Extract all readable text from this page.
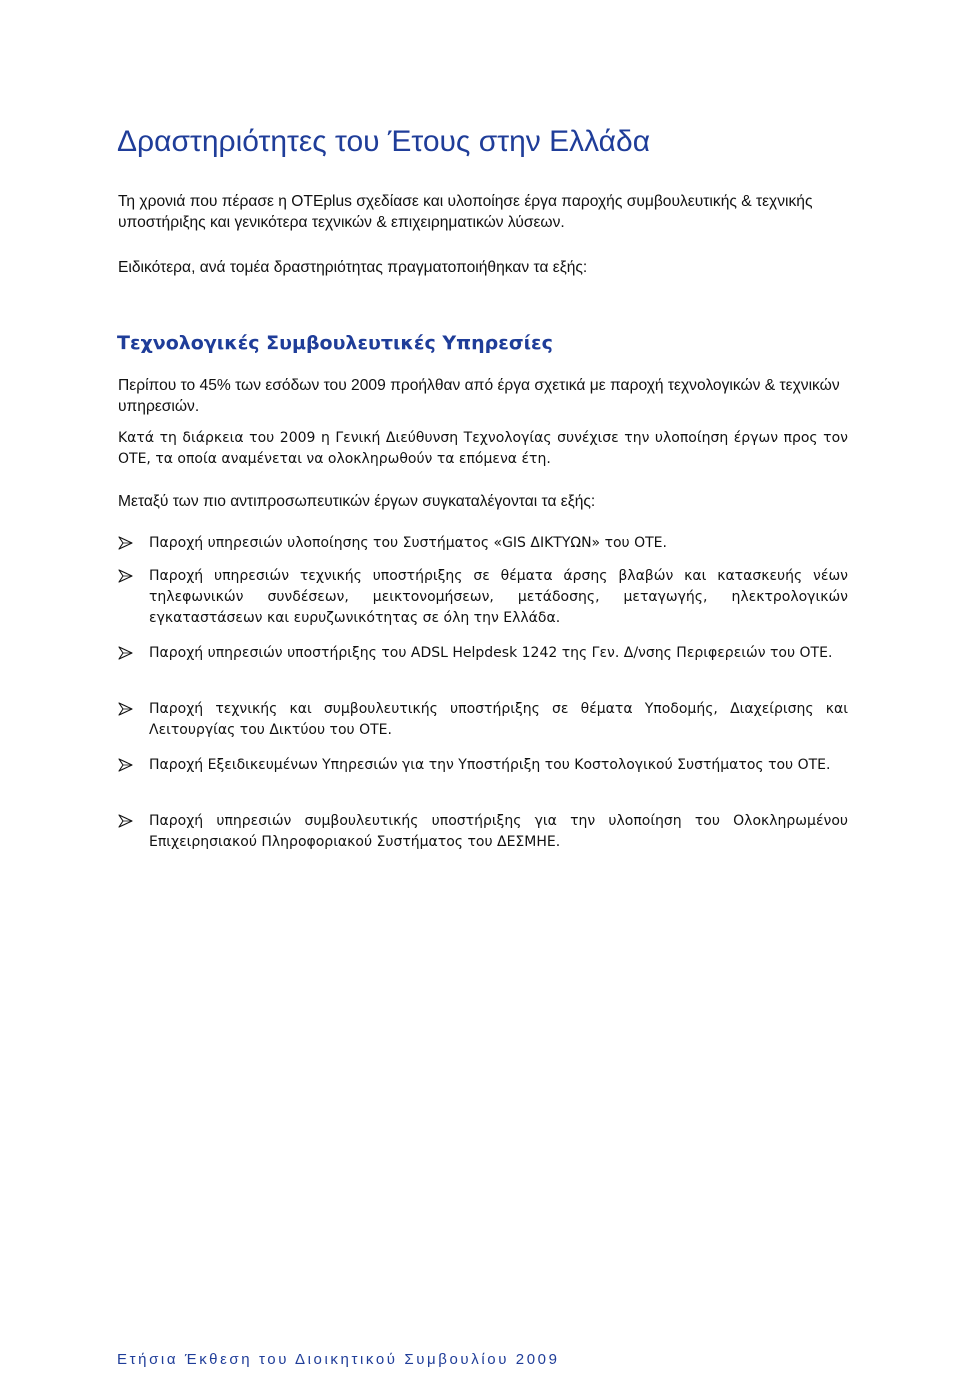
Δραστηριότητες του Έτους στην Ελλάδα

Τη χρονιά που πέρασε η OTEplus σχεδίασε και υλοποίησε έργα παροχής συμβουλευτικής & τεχνικής υποστήριξης και γενικότερα τεχνικών & επιχειρηματικών λύσεων.

Ειδικότερα, ανά τομέα δραστηριότητας πραγματοποιήθηκαν τα εξής:

Τεχνολογικές Συμβουλευτικές Υπηρεσίες

Περίπου το 45% των εσόδων του 2009 προήλθαν από έργα σχετικά με παροχή τεχνολογικών & τεχνικών υπηρεσιών.

Κατά τη διάρκεια του 2009 η Γενική Διεύθυνση Τεχνολογίας συνέχισε την υλοποίηση έργων προς τον ΟΤΕ, τα οποία αναμένεται να ολοκληρωθούν τα επόμενα έτη.

Μεταξύ των πιο αντιπροσωπευτικών έργων συγκαταλέγονται τα εξής:

Παροχή υπηρεσιών υλοποίησης του Συστήματος «GIS ΔΙΚΤΥΩΝ» του ΟΤΕ.
Παροχή υπηρεσιών τεχνικής υποστήριξης σε θέματα άρσης βλαβών και κατασκευής νέων τηλεφωνικών συνδέσεων, μεικτονομήσεων, μετάδοσης, μεταγωγής, ηλεκτρολογικών εγκαταστάσεων και ευρυζωνικότητας σε όλη την Ελλάδα.
Παροχή υπηρεσιών υποστήριξης του ADSL Helpdesk 1242 της Γεν. Δ/νσης Περιφερειών του ΟΤΕ.
Παροχή τεχνικής και συμβουλευτικής υποστήριξης σε θέματα Υποδομής, Διαχείρισης και Λειτουργίας του Δικτύου του ΟΤΕ.
Παροχή Εξειδικευμένων Υπηρεσιών για την Υποστήριξη του Κοστολογικού Συστήματος του ΟΤΕ.
Παροχή υπηρεσιών συμβουλευτικής υποστήριξης για την υλοποίηση του Ολοκληρωμένου Επιχειρησιακού Πληροφοριακού Συστήματος του ΔΕΣΜΗΕ.

Ετήσια Έκθεση του Διοικητικού Συμβουλίου 2009
